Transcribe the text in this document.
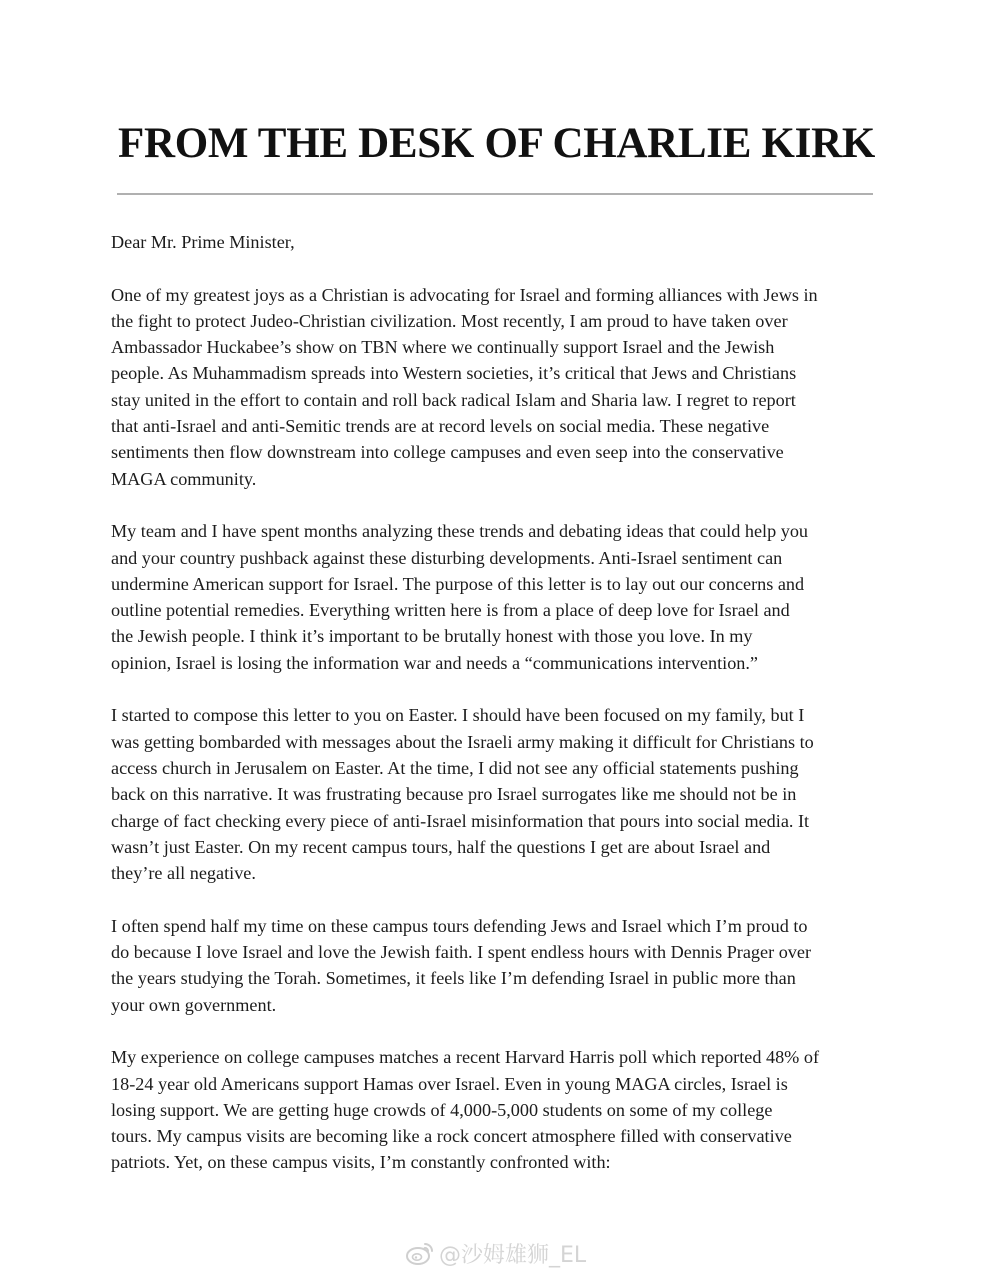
FROM THE DESK OF CHARLIE KIRK

Dear Mr. Prime Minister,

One of my greatest joys as a Christian is advocating for Israel and forming alliances with Jews in
the fight to protect Judeo-Christian civilization. Most recently, I am proud to have taken over
Ambassador Huckabee’s show on TBN where we continually support Israel and the Jewish
people. As Muhammadism spreads into Western societies, it’s critical that Jews and Christians
stay united in the effort to contain and roll back radical Islam and Sharia law. I regret to report
that anti-Israel and anti-Semitic trends are at record levels on social media. These negative
sentiments then flow downstream into college campuses and even seep into the conservative
MAGA community.
My team and I have spent months analyzing these trends and debating ideas that could help you
and your country pushback against these disturbing developments. Anti-Israel sentiment can
undermine American support for Israel. The purpose of this letter is to lay out our concerns and
outline potential remedies. Everything written here is from a place of deep love for Israel and
the Jewish people. I think it’s important to be brutally honest with those you love. In my
opinion, Israel is losing the information war and needs a “communications intervention.”
I started to compose this letter to you on Easter. I should have been focused on my family, but I
was getting bombarded with messages about the Israeli army making it difficult for Christians to
access church in Jerusalem on Easter. At the time, I did not see any official statements pushing
back on this narrative. It was frustrating because pro Israel surrogates like me should not be in
charge of fact checking every piece of anti-Israel misinformation that pours into social media. It
wasn’t just Easter. On my recent campus tours, half the questions I get are about Israel and
they’re all negative.
I often spend half my time on these campus tours defending Jews and Israel which I’m proud to
do because I love Israel and love the Jewish faith. I spent endless hours with Dennis Prager over
the years studying the Torah. Sometimes, it feels like I’m defending Israel in public more than
your own government.
My experience on college campuses matches a recent Harvard Harris poll which reported 48% of
18-24 year old Americans support Hamas over Israel. Even in young MAGA circles, Israel is
losing support. We are getting huge crowds of 4,000-5,000 students on some of my college
tours. My campus visits are becoming like a rock concert atmosphere filled with conservative
patriots. Yet, on these campus visits, I’m constantly confronted with:
@沙姆雄狮_EL
